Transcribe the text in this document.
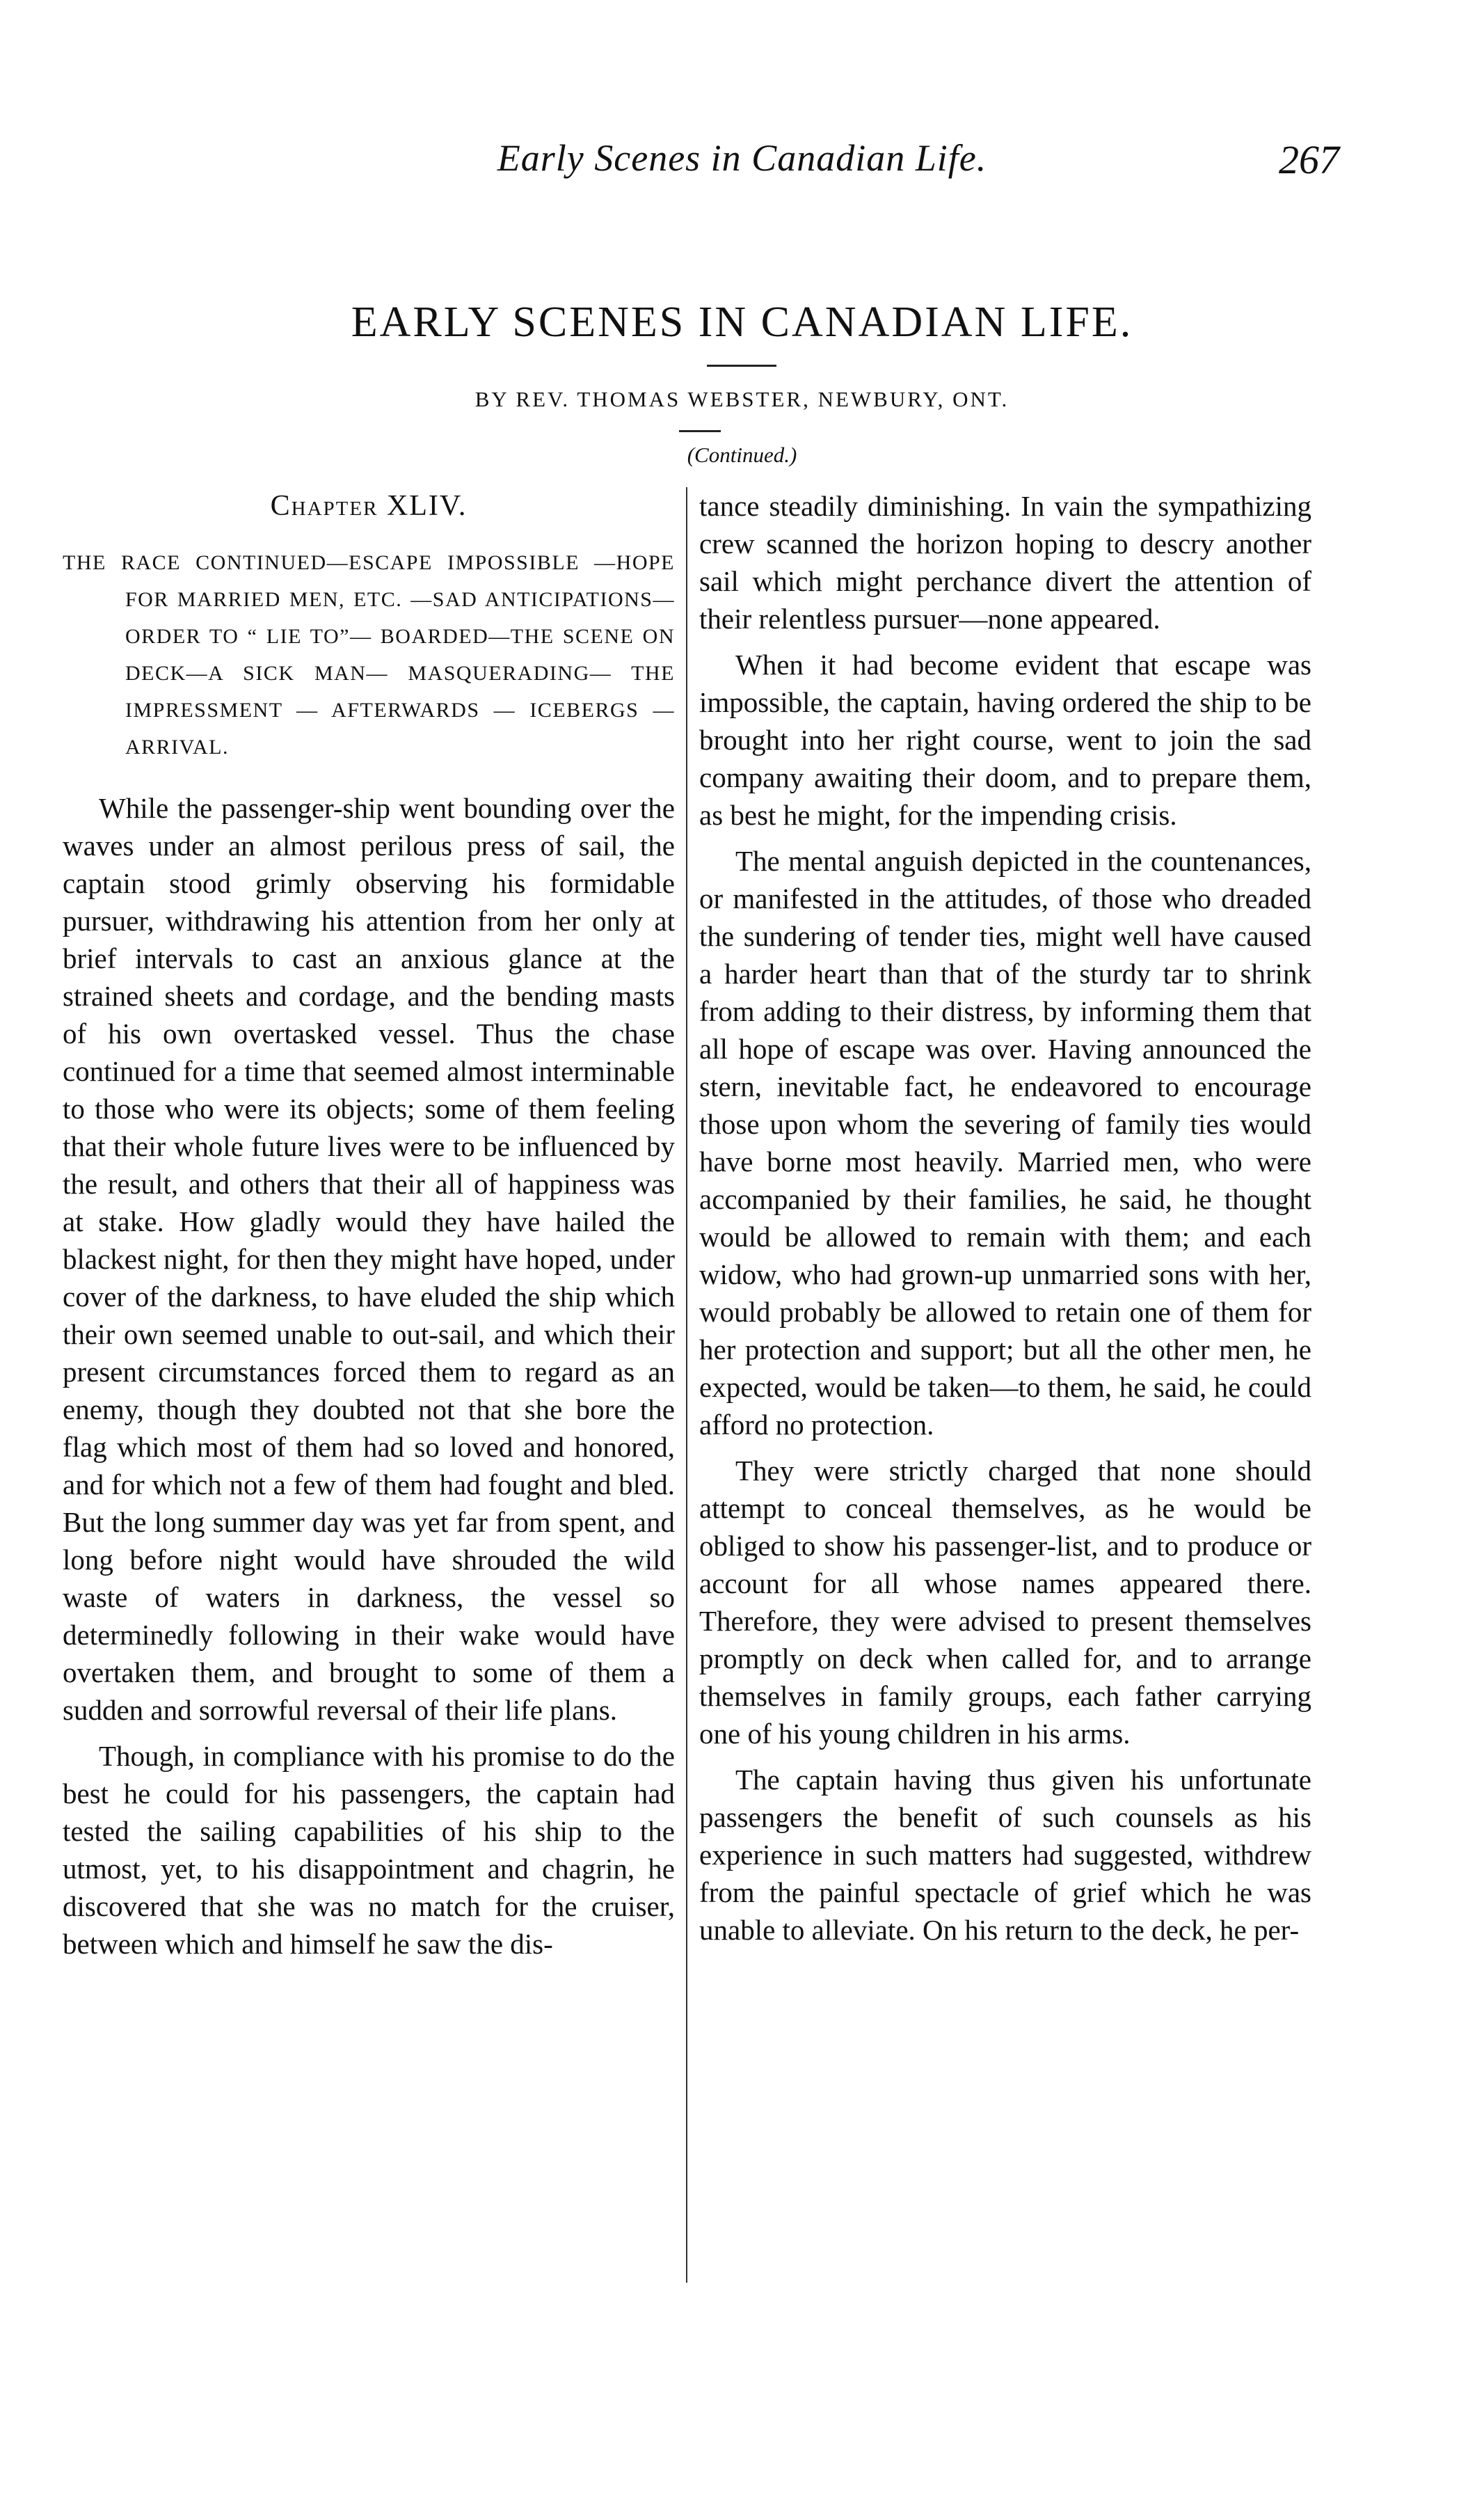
Early Scenes in Canadian Life.	267
EARLY SCENES IN CANADIAN LIFE.
BY REV. THOMAS WEBSTER, NEWBURY, ONT.
(Continued.)
Chapter XLIV.

THE RACE CONTINUED—ESCAPE IMPOSSIBLE —HOPE FOR MARRIED MEN, ETC. —SAD ANTICIPATIONS—ORDER TO “ LIE TO”— BOARDED—THE SCENE ON DECK—A SICK MAN— MASQUERADING— THE IMPRESSMENT — AFTERWARDS — ICEBERGS — ARRIVAL.

While the passenger-ship went bounding over the waves under an almost perilous press of sail, the captain stood grimly observing his formidable pursuer, withdrawing his attention from her only at brief intervals to cast an anxious glance at the strained sheets and cordage, and the bending masts of his own overtasked vessel. Thus the chase continued for a time that seemed almost interminable to those who were its objects; some of them feeling that their whole future lives were to be influenced by the result, and others that their all of happiness was at stake. How gladly would they have hailed the blackest night, for then they might have hoped, under cover of the darkness, to have eluded the ship which their own seemed unable to out-sail, and which their present circumstances forced them to regard as an enemy, though they doubted not that she bore the flag which most of them had so loved and honored, and for which not a few of them had fought and bled. But the long summer day was yet far from spent, and long before night would have shrouded the wild waste of waters in darkness, the vessel so determinedly following in their wake would have overtaken them, and brought to some of them a sudden and sorrowful reversal of their life plans.

Though, in compliance with his promise to do the best he could for his passengers, the captain had tested the sailing capabilities of his ship to the utmost, yet, to his disappointment and chagrin, he discovered that she was no match for the cruiser, between which and himself he saw the dis-

tance steadily diminishing. In vain the sympathizing crew scanned the horizon hoping to descry another sail which might perchance divert the attention of their relentless pursuer—none appeared.

When it had become evident that escape was impossible, the captain, having ordered the ship to be brought into her right course, went to join the sad company awaiting their doom, and to prepare them, as best he might, for the impending crisis.

The mental anguish depicted in the countenances, or manifested in the attitudes, of those who dreaded the sundering of tender ties, might well have caused a harder heart than that of the sturdy tar to shrink from adding to their distress, by informing them that all hope of escape was over. Having announced the stern, inevitable fact, he endeavored to encourage those upon whom the severing of family ties would have borne most heavily. Married men, who were accompanied by their families, he said, he thought would be allowed to remain with them; and each widow, who had grown-up unmarried sons with her, would probably be allowed to retain one of them for her protection and support; but all the other men, he expected, would be taken—to them, he said, he could afford no protection.

They were strictly charged that none should attempt to conceal themselves, as he would be obliged to show his passenger-list, and to produce or account for all whose names appeared there. Therefore, they were advised to present themselves promptly on deck when called for, and to arrange themselves in family groups, each father carrying one of his young children in his arms.

The captain having thus given his unfortunate passengers the benefit of such counsels as his experience in such matters had suggested, withdrew from the painful spectacle of grief which he was unable to alleviate. On his return to the deck, he per-
